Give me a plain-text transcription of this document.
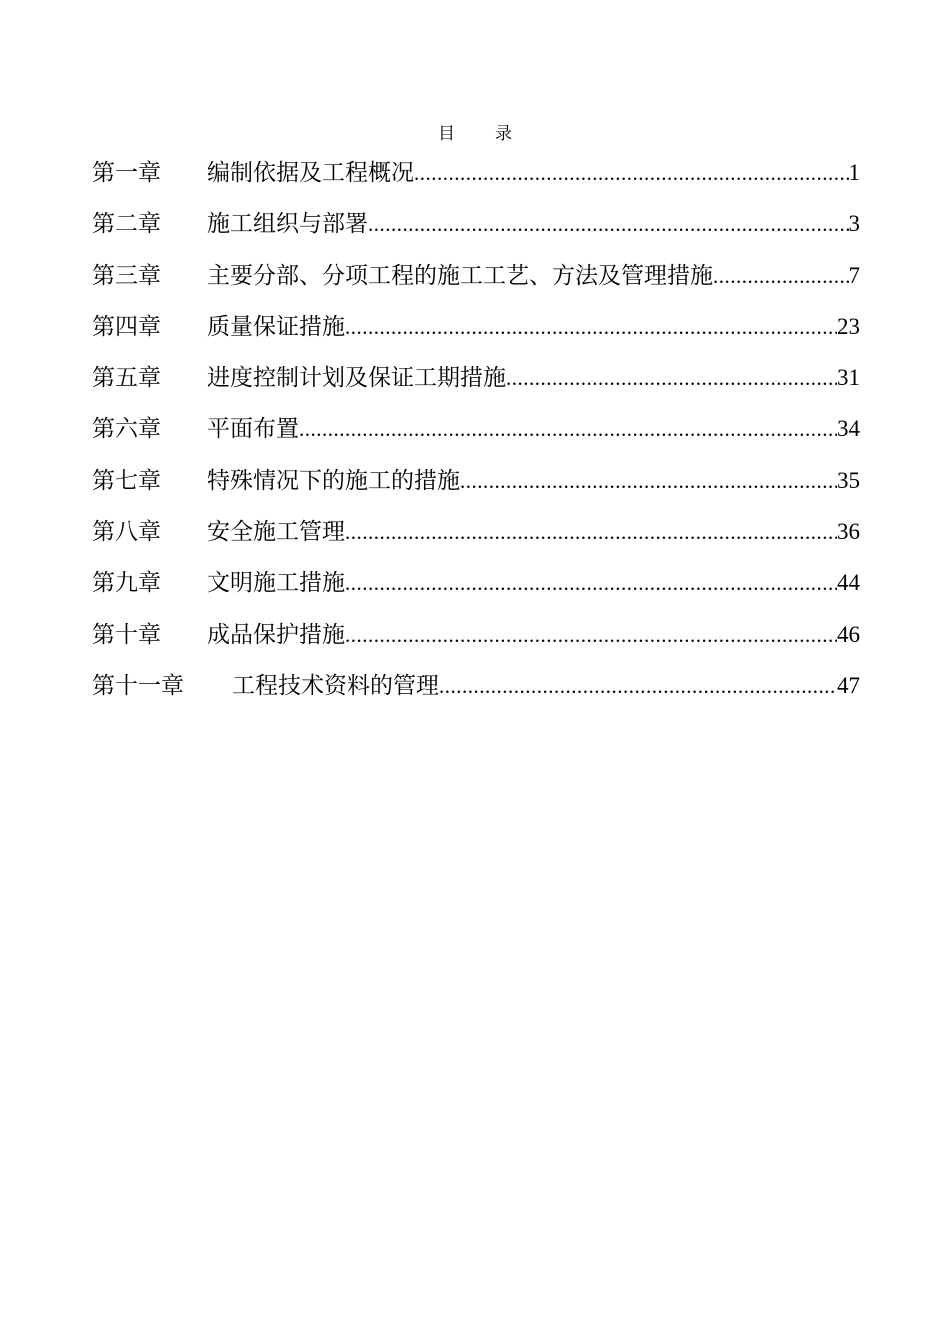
目 录
第一章	编制依据及工程概况 .....	1
第二章	施工组织与部署 .....	3
第三章	主要分部、分项工程的施工工艺、方法及管理措施 .....	7
第四章	质量保证措施 .....	23
第五章	进度控制计划及保证工期措施 .....	31
第六章	平面布置 .....	34
第七章	特殊情况下的施工的措施 .....	35
第八章	安全施工管理 .....	36
第九章	文明施工措施 .....	44
第十章	成品保护措施 .....	46
第十一章	工程技术资料的管理 .....	47
